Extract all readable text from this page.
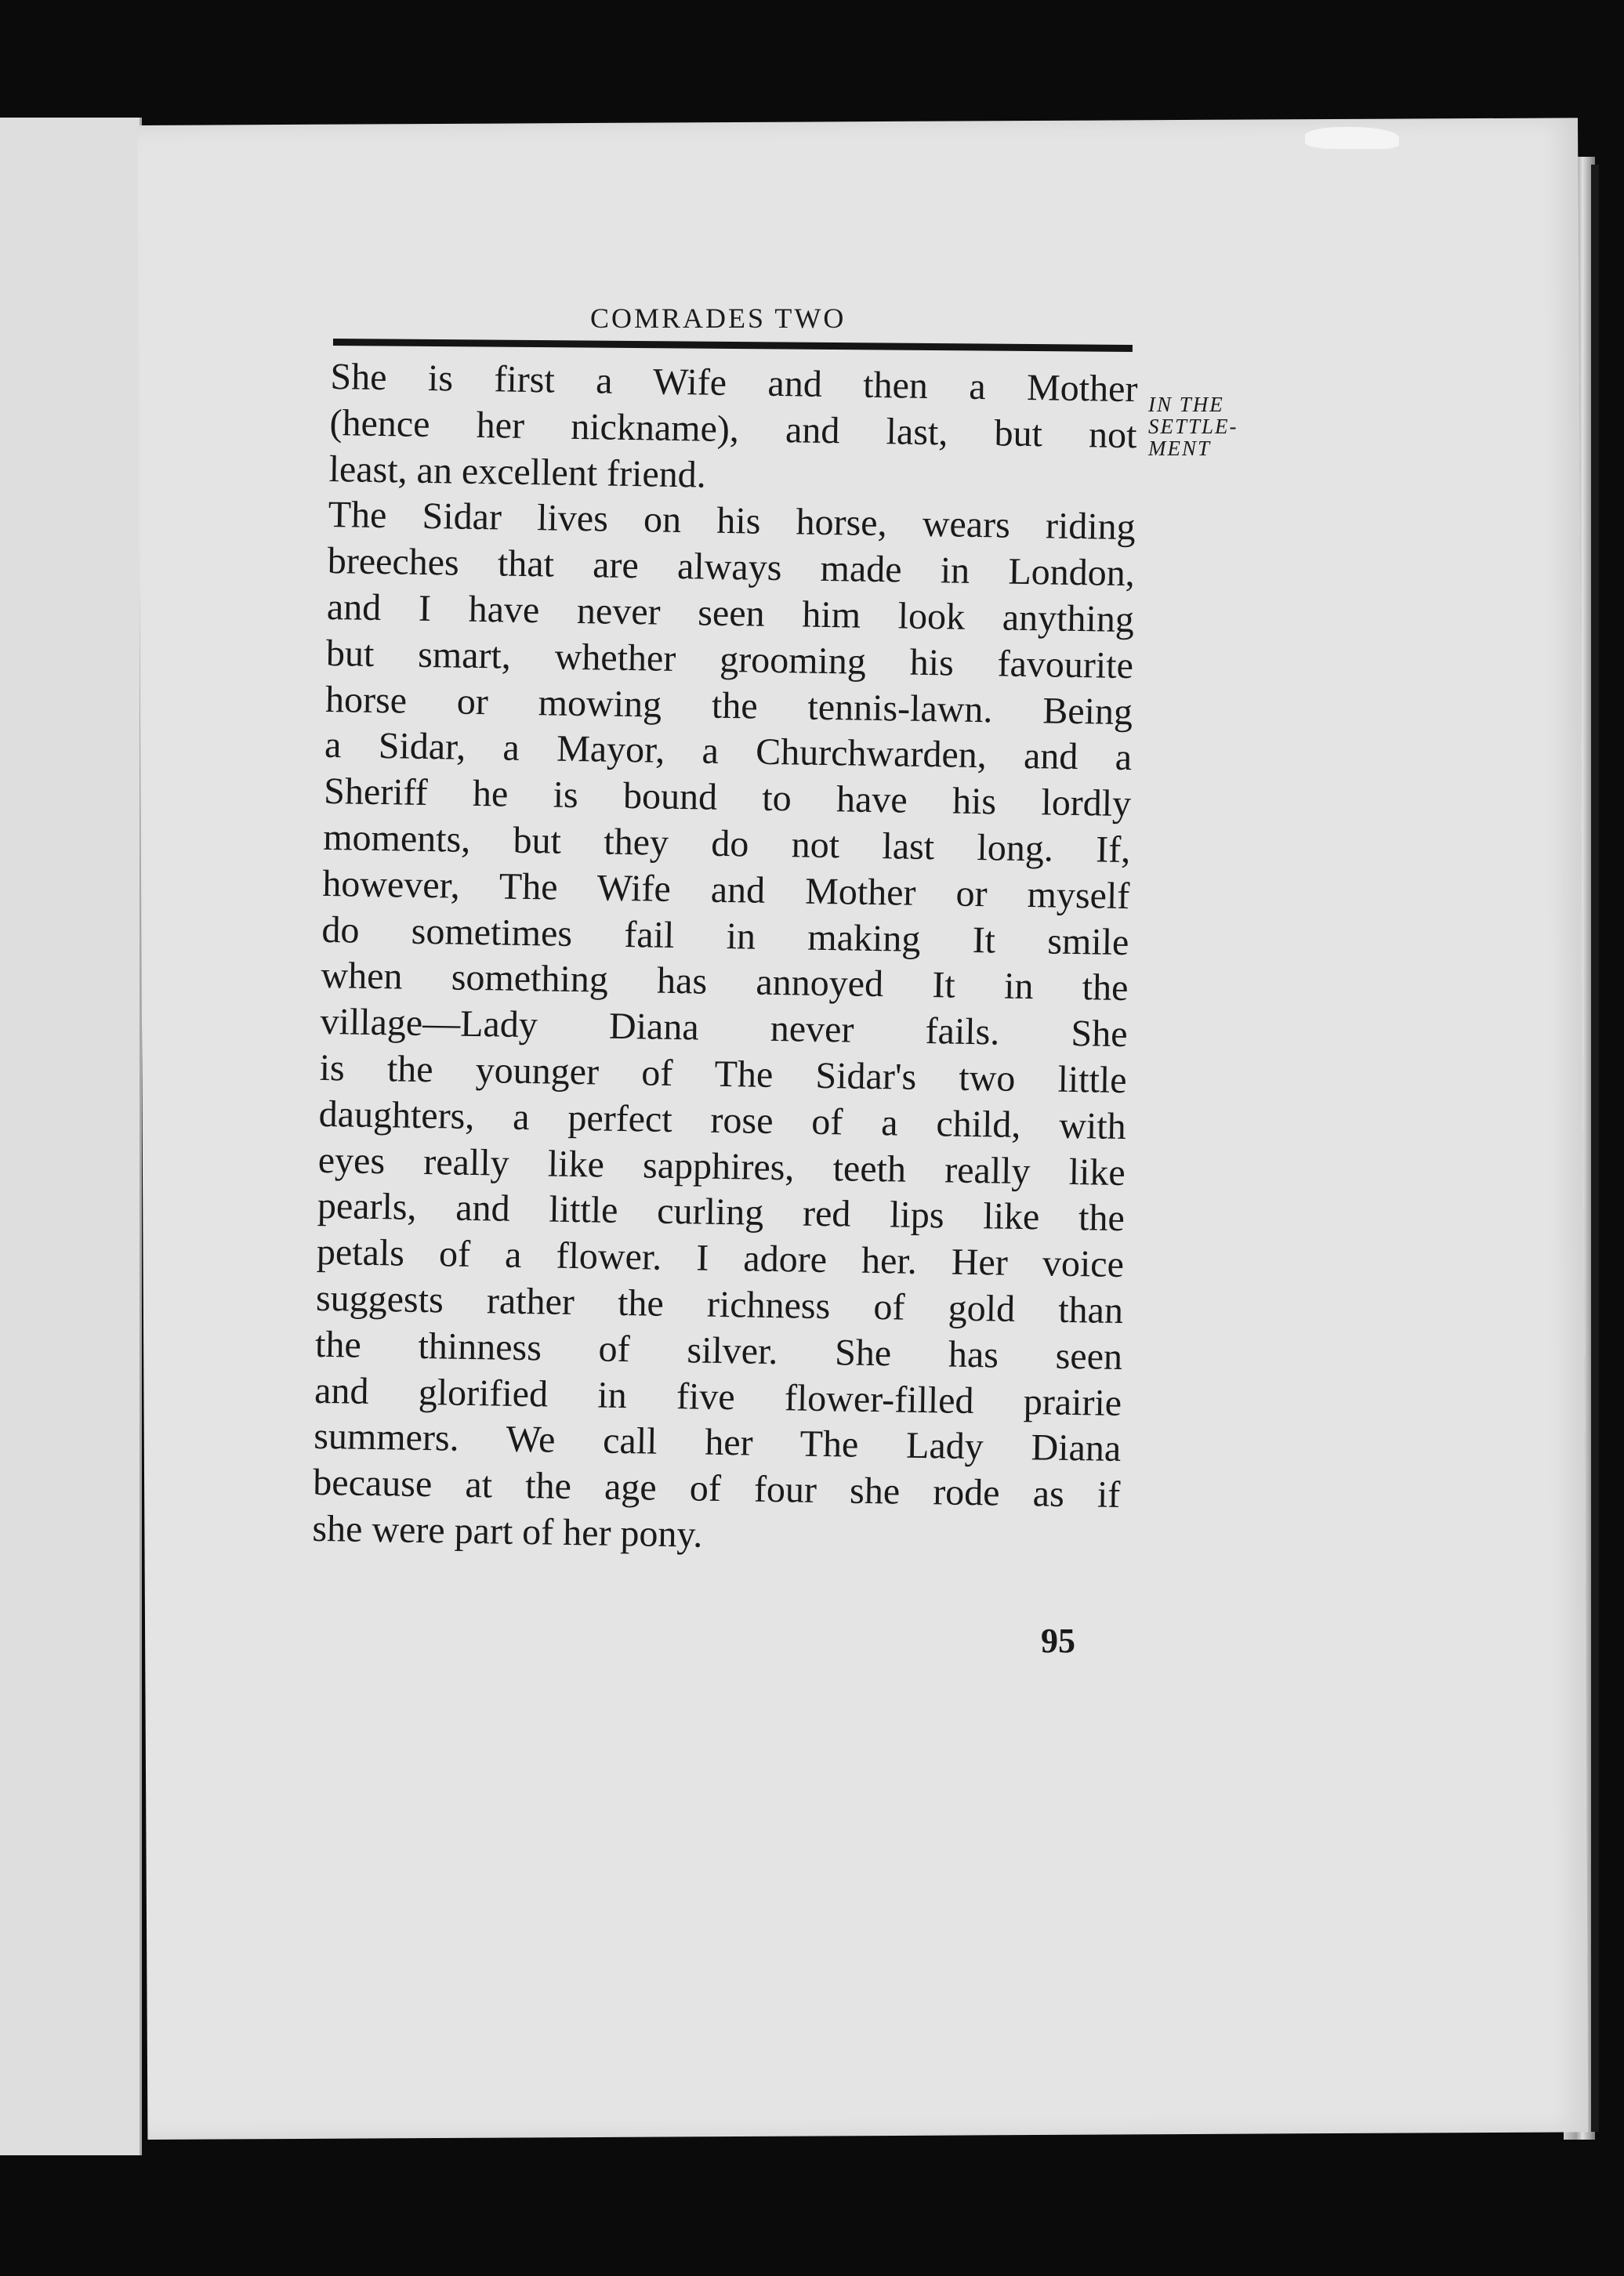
COMRADES TWO
She is first a Wife and then a Mother
(hence her nickname), and last, but not
least, an excellent friend.
The Sidar lives on his horse, wears riding
breeches that are always made in London,
and I have never seen him look anything
but smart, whether grooming his favourite
horse or mowing the tennis-lawn. Being
a Sidar, a Mayor, a Churchwarden, and a
Sheriff he is bound to have his lordly
moments, but they do not last long. If,
however, The Wife and Mother or myself
do sometimes fail in making It smile
when something has annoyed It in the
village—Lady Diana never fails. She
is the younger of The Sidar's two little
daughters, a perfect rose of a child, with
eyes really like sapphires, teeth really like
pearls, and little curling red lips like the
petals of a flower. I adore her. Her voice
suggests rather the richness of gold than
the thinness of silver. She has seen
and glorified in five flower-filled prairie
summers. We call her The Lady Diana
because at the age of four she rode as if
she were part of her pony.
IN THE
SETTLE-
MENT
95
